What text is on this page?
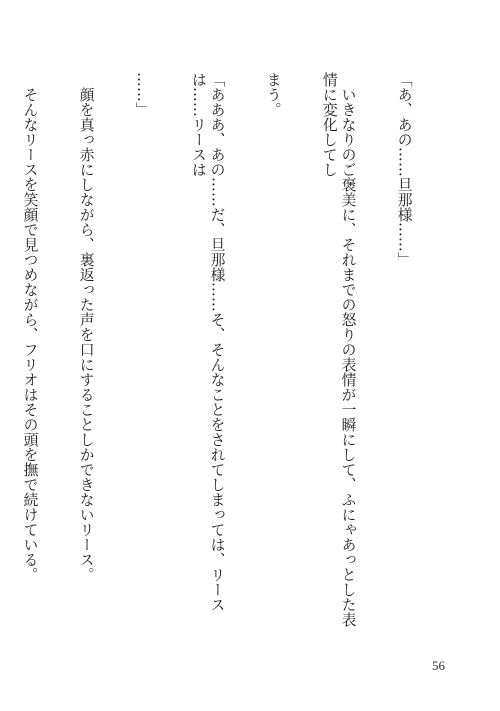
「あ、あの……旦那様……」

　いきなりのご褒美に、それまでの怒りの表情が一瞬にして、ふにゃあっとした表情に変化してし

まう。

「あああ、あの……だ、旦那様……そ、そんなことをされてしまっては、リースは……リースは

……」

　顔を真っ赤にしながら、裏返った声を口にすることしかできないリース。

　そんなリースを笑顔で見つめながら、フリオはその頭を撫で続けている。

56
